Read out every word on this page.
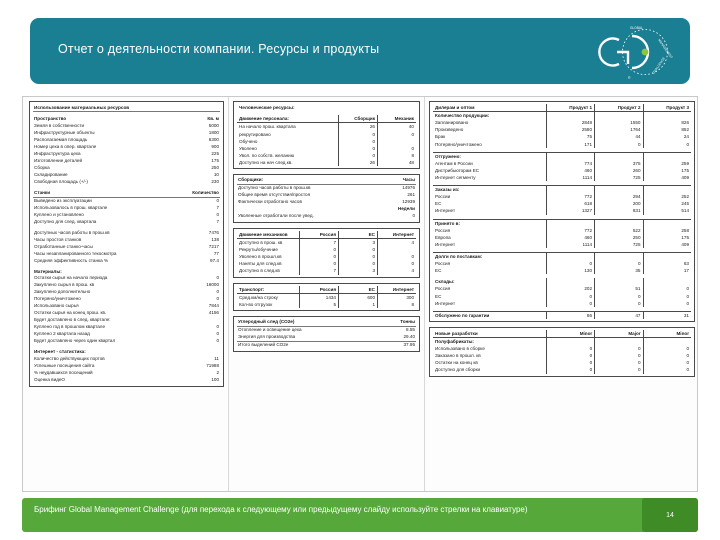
Отчет о деятельности компании. Ресурсы и продукты
GLOBAL
MANAGEMENT
CHALLENGE
®
Использование материальных ресурсов	

Пространство	Кв. м
Земля в собственности	5000
Инфраструктурные объекты	1800
Располагаемая площадь	6300
Номер цеха в опер. кварталe	900
Инфраструктура цеха	225
Изготовление деталей	175
Сборка	250
Складирование	10
Свободная площадь (+/-)	230

Станки	Количество
Выведено из эксплуатации	0
Использовалось в прош. квартале	7
Куплено и установлено	0
Доступно для след. квартала	7

Доступных часов работы в прош.кв	7476
Часы простоя станков	138
Отработанные станко-часы	7217
Часы незапланированного техосмотра	77
Средняя эффективность станка %	97.4

Материалы:	
Остатки сырья на начало периода	0
Закуплено сырья в прош. кв	16000
Закуплено дополнительно	0
Потеряно/уничтожено	0
Использовано сырья	7844
Остатки сырья на конец прош. кв.	4156
Будет доставлено в след. квартале:	
Куплено год в прошлом квартале	0
Куплено 2 квартала назад	0
Будет доставлено через один квартал	0

Интернет - статистика:	
Количество действующих портов	11
Успешные посещения сайта	71988
% неудавшихся посещений	2
Оценка видеО	100
Человеческие ресурсы:		

Движение персонала:	Сборщик	Механик
На начало прош. квартала	26	40
рекрутировано	0	0
Обучено	0	
Уволено	0	0
Увол. по собств. желанию	0	8
Доступно на нач след.кв.	26	48
Сборщики:	Часы
Доступно часов работы в прош.кв	14976
Общее время отсутствия/простоя	261
Фактически отработано часов	12939
	Недели
Уволенные отработали после увед.	0
Движение механиков	Россия	ЕС	Интернет
Доступно в прош. кв	7	3	4
Рекруты/обучение	0	0	
Уволено в прошл.кв	0	0	0
Наняты для след.кв	0	0	0
Доступно в след.кв	7	3	4
Транспорт:	Россия	ЕС	Интернет
Сред.км/на строку	1434	600	300
Кол-во отгрузок	5	1	8
Углеродный след (CO2e)	Тонны
Отопление и освещение цеха	8.55
Энергия для производства	29.40
Итого выделений CO2e	37.95
Дилерам и оптом	Продукт 1	Продукт 2	Продукт 3
Количество продукции:			
Запланировано	2848	1550	826
Произведено	2580	1764	852
Брак	75	44	24
Потеряно/уничтожено	171	0	0

Отгружено:			
Агентам в России	774	375	259
Дистрибьюторам ЕС	460	260	175
Интернет сегменту	1114	725	409

Заказы из:			
России	772	294	252
ЕС	618	200	245
Интернет	1327	831	514

Принято в:			
Россия	772	522	258
Европа	460	250	175
Интернет	1114	725	409

Долги по поставкам:			
Россия	0	0	63
ЕС	130	35	17

Склады:			
Россия	202	51	0
ЕС	0	0	0
Интернет	0	0	0

Обслужено по гарантии	86	47	31
Новые разработки	Minor	Major	Minor
Полуфабрикаты:			
Использовано в сборке	0	0	0
Заказано в прошл. кв	0	0	0
Остатки на конец кв	0	0	0
Доступно для сборки	0	0	0
Брифинг Global Management Challenge (для перехода к следующему или предыдущему слайду используйте стрелки на клавиатуре)
14
